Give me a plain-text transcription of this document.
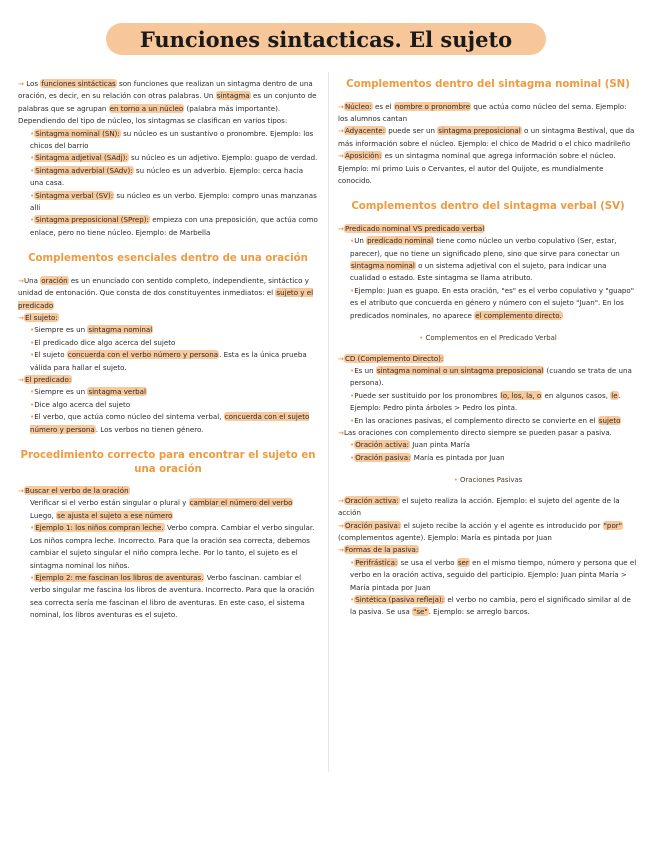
Funciones sintacticas. El sujeto

→ Los funciones sintácticas son funciones que realizan un sintagma dentro de una oración, es decir, en su relación con otras palabras. Un sintagma es un conjunto de palabras que se agrupan en torno a un núcleo (palabra más importante). Dependiendo del tipo de núcleo, los sintagmas se clasifican en varios tipos:

•Sintagma nominal (SN): su núcleo es un sustantivo o pronombre. Ejemplo: los chicos del barrio

•Sintagma adjetival (SAdj): su núcleo es un adjetivo. Ejemplo: guapo de verdad.

•Sintagma adverbial (SAdv): su núcleo es un adverbio. Ejemplo: cerca hacia una casa.

•Sintagma verbal (SV): su núcleo es un verbo. Ejemplo: compro unas manzanas allí

•Sintagma preposicional (SPrep): empieza con una preposición, que actúa como enlace, pero no tiene núcleo. Ejemplo: de Marbella

Complementos esenciales dentro de una oración

→Una oración es un enunciado con sentido completo, independiente, sintáctico y unidad de entonación. Que consta de dos constituyentes inmediatos: el sujeto y el predicado

→El sujeto:

•Siempre es un sintagma nominal

•El predicado dice algo acerca del sujeto

•El sujeto concuerda con el verbo número y persona. Esta es la única prueba válida para hallar el sujeto.

→El predicado:

•Siempre es un sintagma verbal

•Dice algo acerca del sujeto

•El verbo, que actúa como núcleo del sintema verbal, concuerda con el sujeto número y persona. Los verbos no tienen género.

Procedimiento correcto para encontrar el sujeto en una oración

→Buscar el verbo de la oración

Verificar si el verbo están singular o plural y cambiar el número del verbo

Luego, se ajusta el sujeto a ese número

•Ejemplo 1: los niños compran leche. Verbo compra. Cambiar el verbo singular. Los niños compra leche. Incorrecto. Para que la oración sea correcta, debemos cambiar el sujeto singular el niño compra leche. Por lo tanto, el sujeto es el sintagma nominal los niños.

•Ejemplo 2: me fascinan los libros de aventuras. Verbo fascinan. cambiar el verbo singular me fascina los libros de aventura. Incorrecto. Para que la oración sea correcta sería me fascinan el libro de aventuras. En este caso, el sistema nominal, los libros aventuras es el sujeto.

Complementos dentro del sintagma nominal (SN)

→Núcleo: es el nombre o pronombre que actúa como núcleo del sema. Ejemplo: los alumnos cantan

→Adyacente: puede ser un sintagma preposicional o un sintagma Bestival, que da más información sobre el núcleo. Ejemplo: el chico de Madrid o el chico madrileño

→Aposición: es un sintagma nominal que agrega información sobre el núcleo. Ejemplo: mi primo Luis o Cervantes, el autor del Quijote, es mundialmente conocido.

Complementos dentro del sintagma verbal (SV)

→Predicado nominal VS predicado verbal

•Un predicado nominal tiene como núcleo un verbo copulativo (Ser, estar, parecer), que no tiene un significado pleno, sino que sirve para conectar un sintagma nominal o un sistema adjetival con el sujeto, para indicar una cualidad o estado. Este sintagma se llama atributo.

•Ejemplo: Juan es guapo. En esta oración, "es" es el verbo copulativo y "guapo" es el atributo que concuerda en género y número con el sujeto "Juan". En los predicados nominales, no aparece el complemento directo.

• Complementos en el Predicado Verbal

→CD (Complemento Directo):

•Es un sintagma nominal o un sintagma preposicional (cuando se trata de una persona).

•Puede ser sustituido por los pronombres lo, los, la, o en algunos casos, le. Ejemplo: Pedro pinta árboles > Pedro los pinta.

•En las oraciones pasivas, el complemento directo se convierte en el sujeto

→Las oraciones con complemento directo siempre se pueden pasar a pasiva.

•Oración activa: Juan pinta María

•Oración pasiva: María es pintada por Juan

• Oraciones Pasivas

→Oración activa: el sujeto realiza la acción. Ejemplo: el sujeto del agente de la acción

→Oración pasiva: el sujeto recibe la acción y el agente es introducido por "por" (complementos agente). Ejemplo: María es pintada por Juan

→Formas de la pasiva:

•Perifrástica: se usa el verbo ser en el mismo tiempo, número y persona que el verbo en la oración activa, seguido del participio. Ejemplo: Juan pinta María > María pintada por Juan

•Sintética (pasiva refleja): el verbo no cambia, pero el significado similar al de la pasiva. Se usa "se". Ejemplo: se arreglo barcos.
